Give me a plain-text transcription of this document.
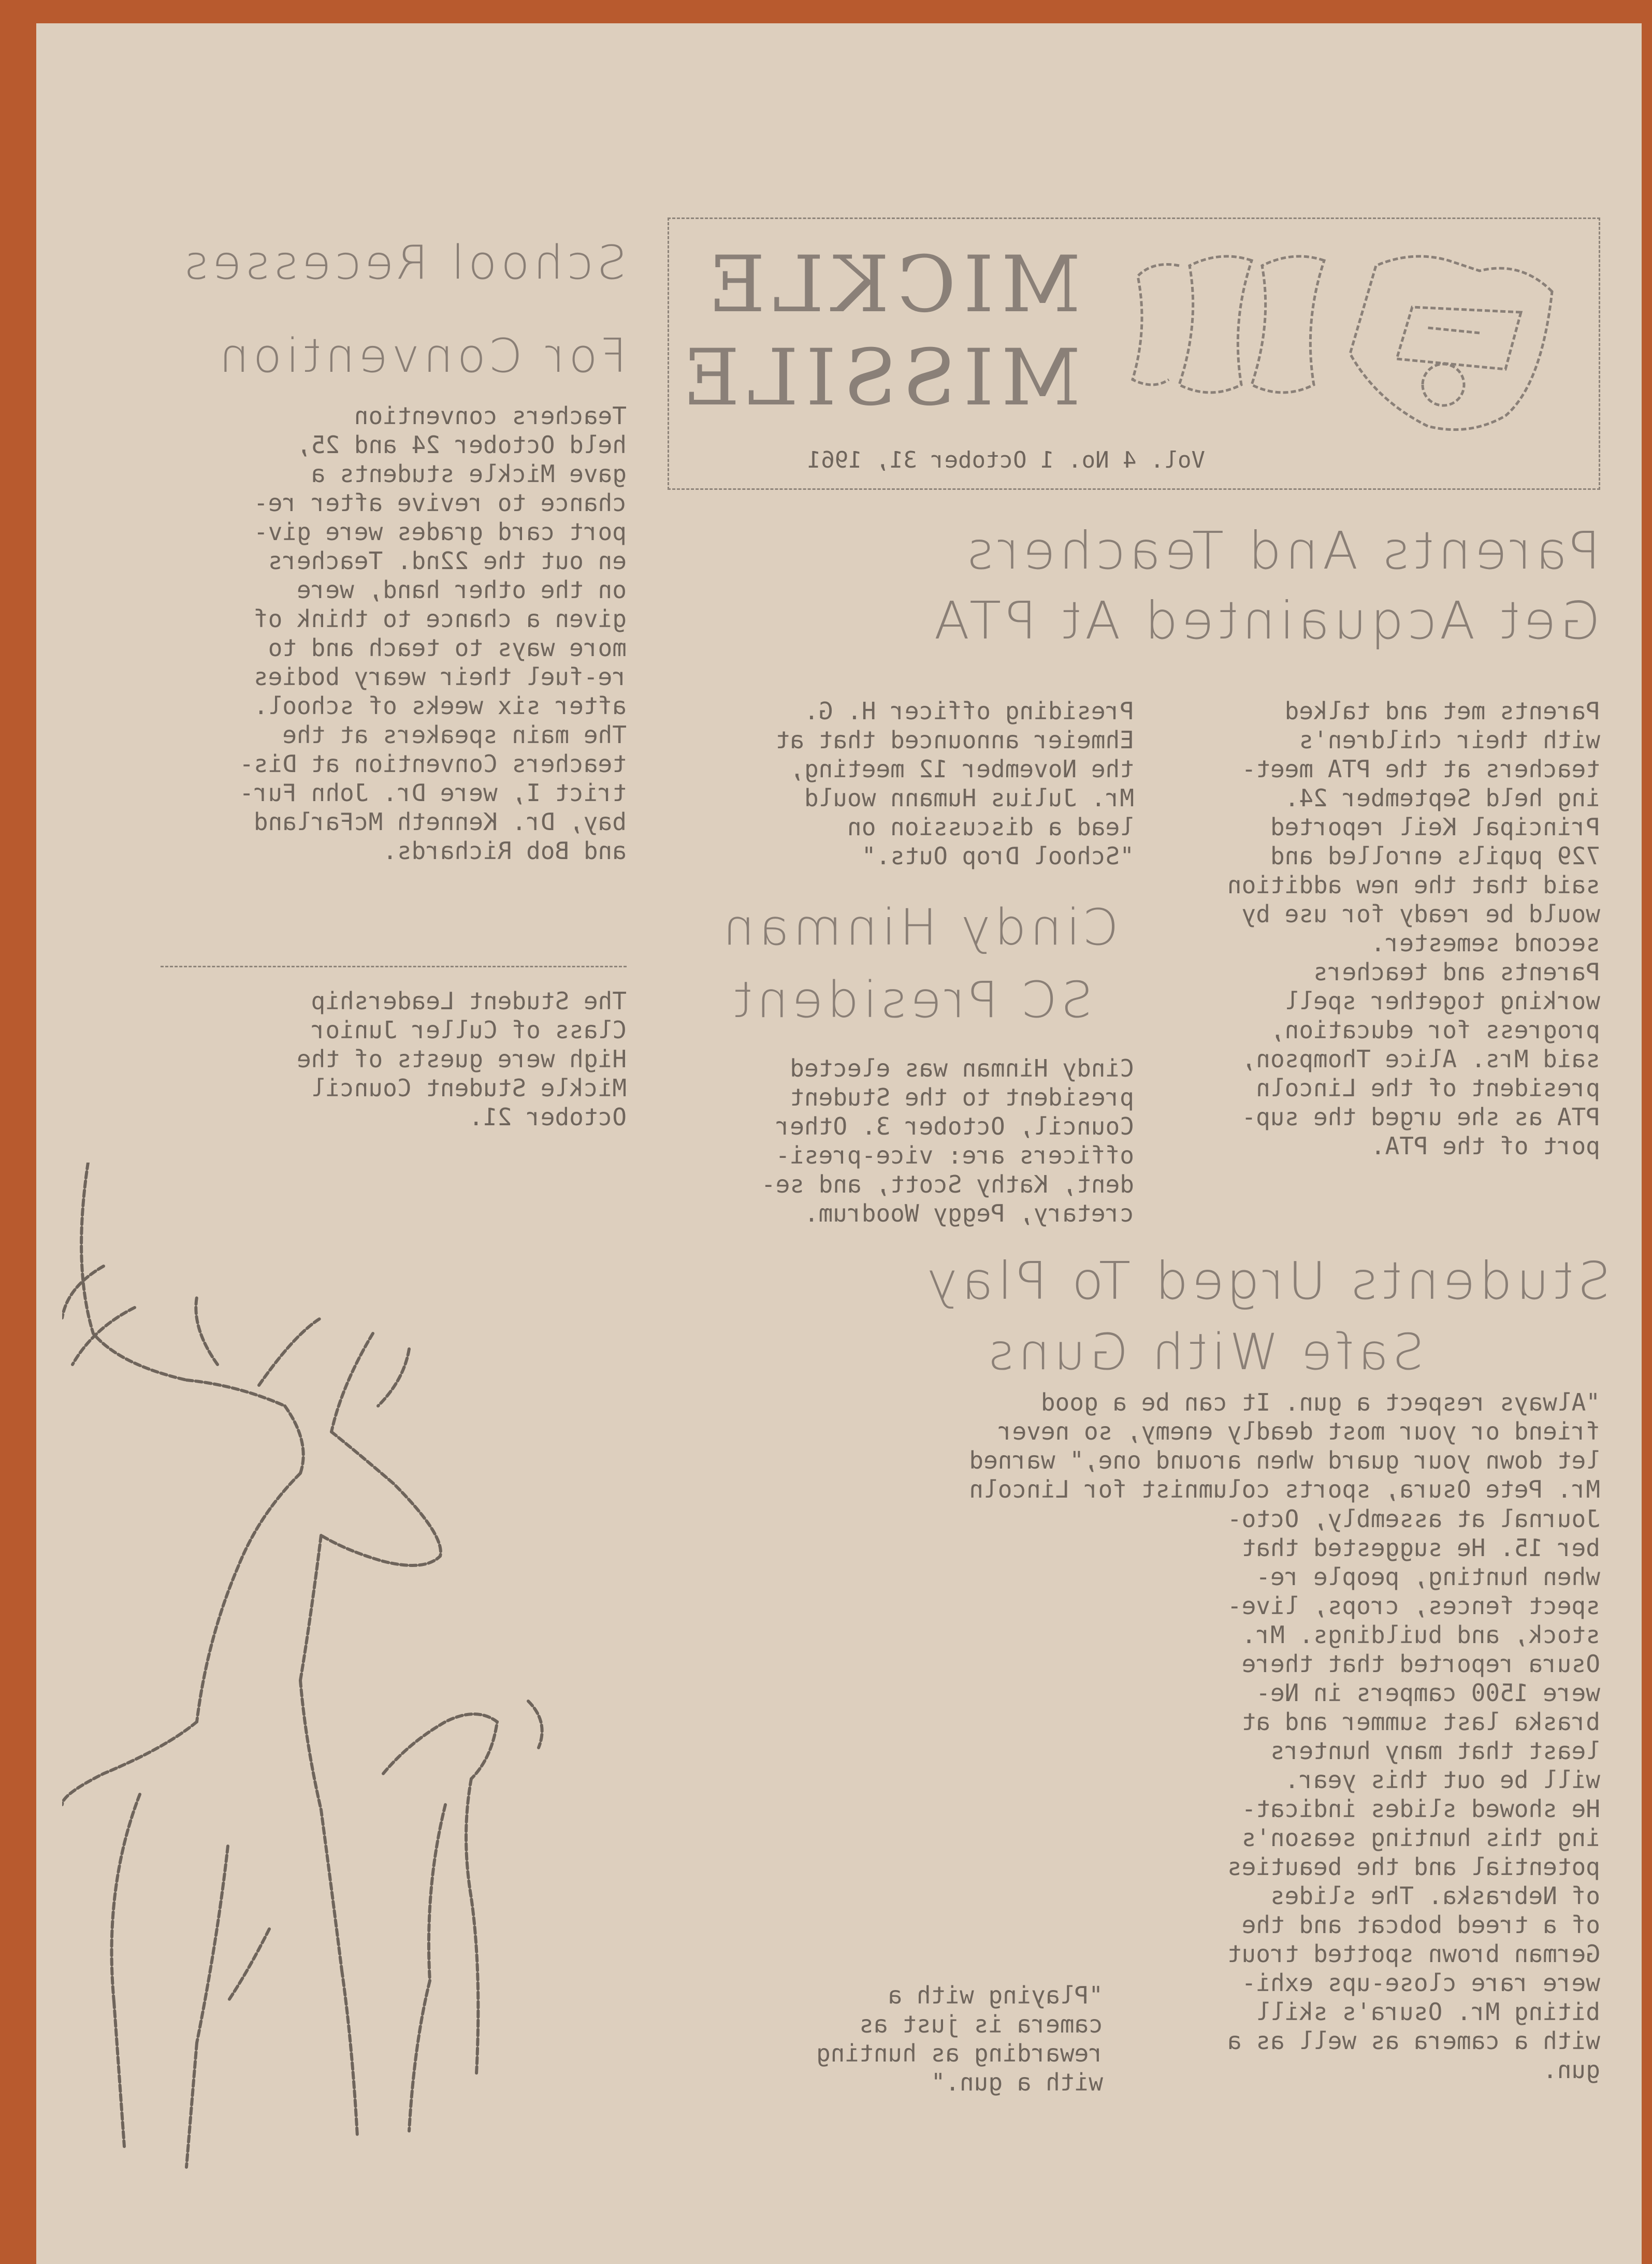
MICKLE
MISSILE
Vol. 4 No. 1 October 31, 1961
Parents And Teachers
Get Acquainted At PTA
Parents met and talked
with their children's
teachers at the PTA meet-
ing held September 24.
Principal Keil reported
729 pupils enrolled and
said that the new addition
would be ready for use by
second semester.
Parents and teachers
working together spell
progress for education,
said Mrs. Alice Thompson,
president of the Lincoln
PTA as she urged the sup-
port of the PTA.
Presiding officer H. G.
Ehmeier announced that at
the November 12 meeting,
Mr. Julius Humann would
lead a discussion on
"School Drop Outs."
Cindy Hinman
SC President
Cindy Hinman was elected
president to the Student
Council, October 3. Other
officers are: vice-presi-
dent, Kathy Scott, and se-
cretary, Peggy Woodrum.
School Recesses
For Convention
Teachers convention
held October 24 and 25,
gave Mickle students a
chance to revive after re-
port card grades were giv-
en out the 22nd. Teachers
on the other hand, were
given a chance to think of
more ways to teach and to
re-fuel their weary bodies
after six weeks of school.
The main speakers at the
teachers Convention at Dis-
trict I, were Dr. John Fur-
bay, Dr. Kenneth McFarland
and Bob Richards.
The Student Leadership
Class of Culler Junior
High were guests of the
Mickle Student Council
October 21.
Students Urged To Play
Safe With Guns
"Always respect a gun. It can be a good
friend or your most deadly enemy, so never
let down your guard when around one," warned
Mr. Pete Osura, sports columnist for Lincoln
Journal at assembly, Octo-
ber 15. He suggested that
when hunting, people re-
spect fences, crops, live-
stock, and buildings. Mr.
Osura reported that there
were 1500 campers in Ne-
braska last summer and at
least that many hunters
will be out this year.
He showed slides indicat-
ing this hunting season's
potential and the beauties
of Nebraska. The slides
of a treed bobcat and the
German brown spotted trout
were rare close-ups exhi-
biting Mr. Osura's skill
with a camera as well as a
gun.
"Playing with a
camera is just as
rewarding as hunting
with a gun."
